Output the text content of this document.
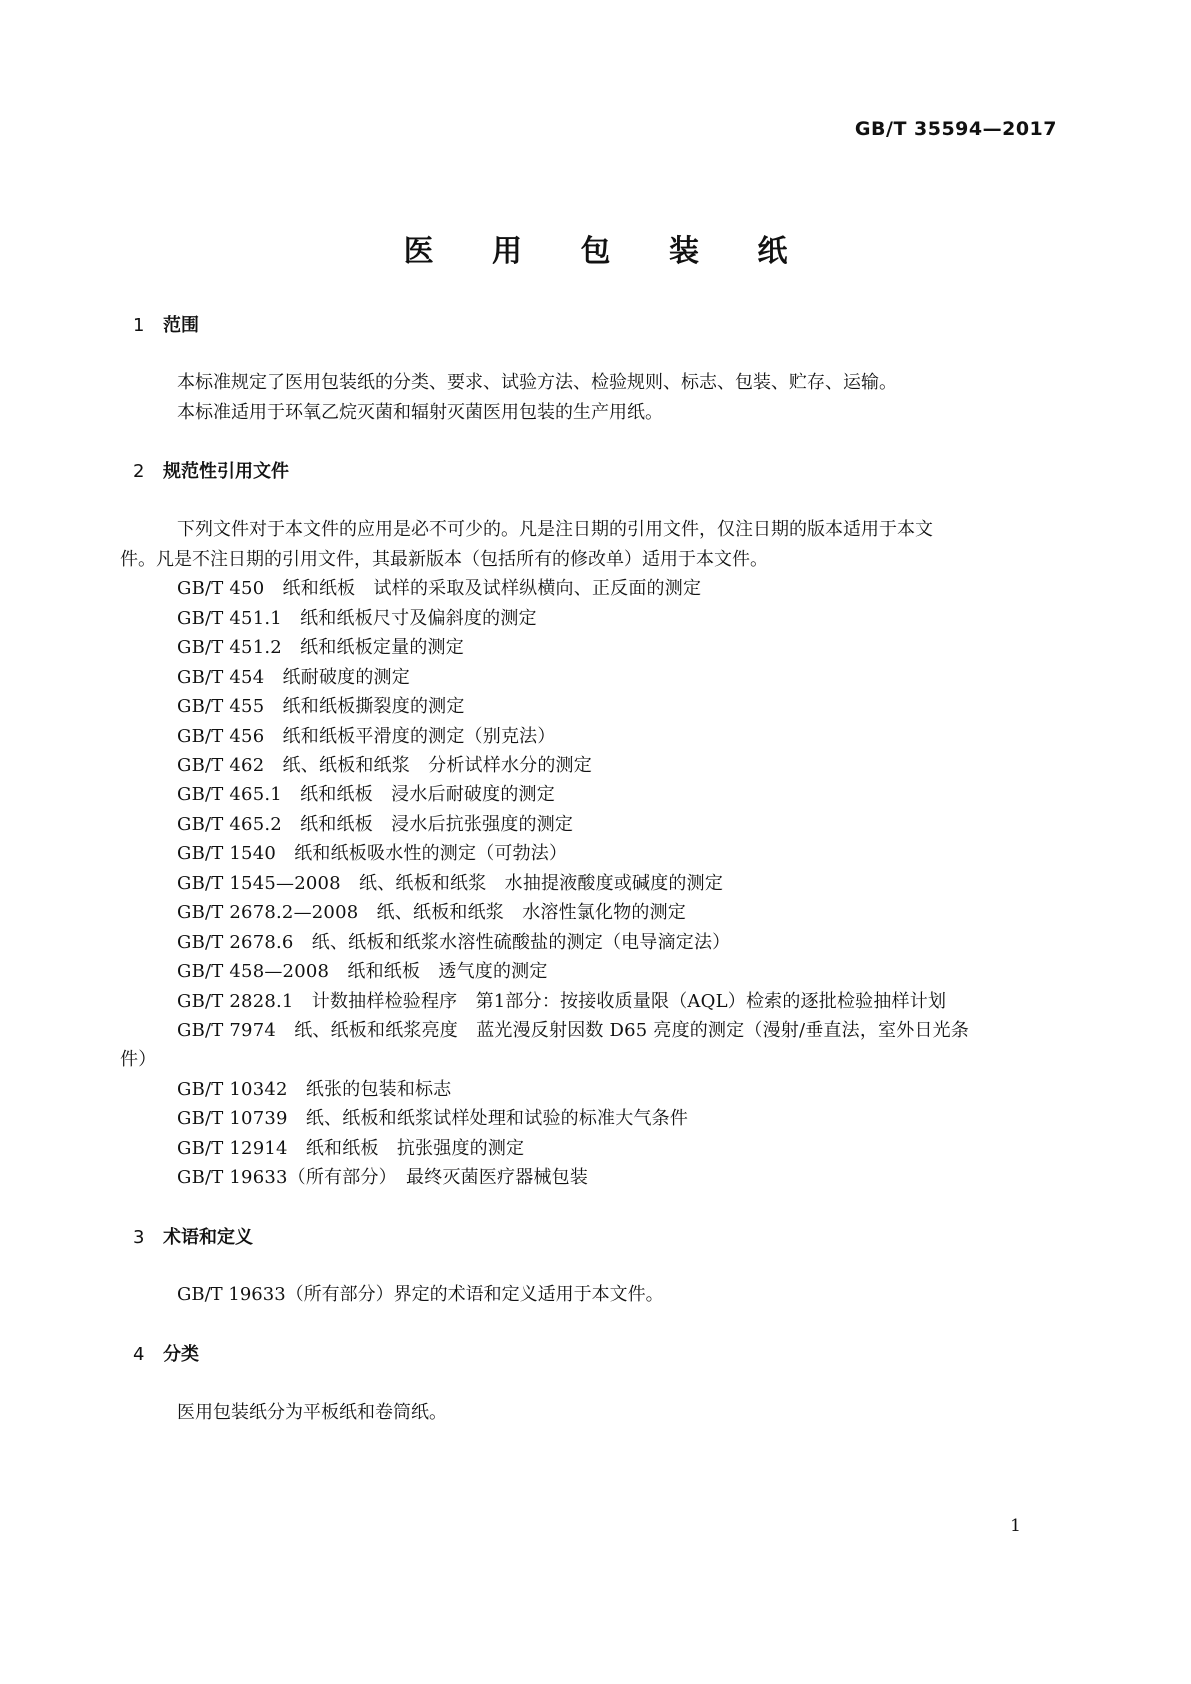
GB/T 35594—2017
医 用 包 装 纸
1 范围
本标准规定了医用包装纸的分类、要求、试验方法、检验规则、标志、包装、贮存、运输。
本标准适用于环氧乙烷灭菌和辐射灭菌医用包装的生产用纸。
2 规范性引用文件
下列文件对于本文件的应用是必不可少的。凡是注日期的引用文件，仅注日期的版本适用于本文
件。凡是不注日期的引用文件，其最新版本（包括所有的修改单）适用于本文件。
GB/T 450　纸和纸板　试样的采取及试样纵横向、正反面的测定
GB/T 451.1　纸和纸板尺寸及偏斜度的测定
GB/T 451.2　纸和纸板定量的测定
GB/T 454　纸耐破度的测定
GB/T 455　纸和纸板撕裂度的测定
GB/T 456　纸和纸板平滑度的测定（别克法）
GB/T 462　纸、纸板和纸浆　分析试样水分的测定
GB/T 465.1　纸和纸板　浸水后耐破度的测定
GB/T 465.2　纸和纸板　浸水后抗张强度的测定
GB/T 1540　纸和纸板吸水性的测定（可勃法）
GB/T 1545—2008　纸、纸板和纸浆　水抽提液酸度或碱度的测定
GB/T 2678.2—2008　纸、纸板和纸浆　水溶性氯化物的测定
GB/T 2678.6　纸、纸板和纸浆水溶性硫酸盐的测定（电导滴定法）
GB/T 458—2008　纸和纸板　透气度的测定
GB/T 2828.1　计数抽样检验程序　第1部分：按接收质量限（AQL）检索的逐批检验抽样计划
GB/T 7974　纸、纸板和纸浆亮度　蓝光漫反射因数 D65 亮度的测定（漫射/垂直法，室外日光条
件）
GB/T 10342　纸张的包装和标志
GB/T 10739　纸、纸板和纸浆试样处理和试验的标准大气条件
GB/T 12914　纸和纸板　抗张强度的测定
GB/T 19633（所有部分）　最终灭菌医疗器械包装
3 术语和定义
GB/T 19633（所有部分）界定的术语和定义适用于本文件。
4 分类
医用包装纸分为平板纸和卷筒纸。
1
